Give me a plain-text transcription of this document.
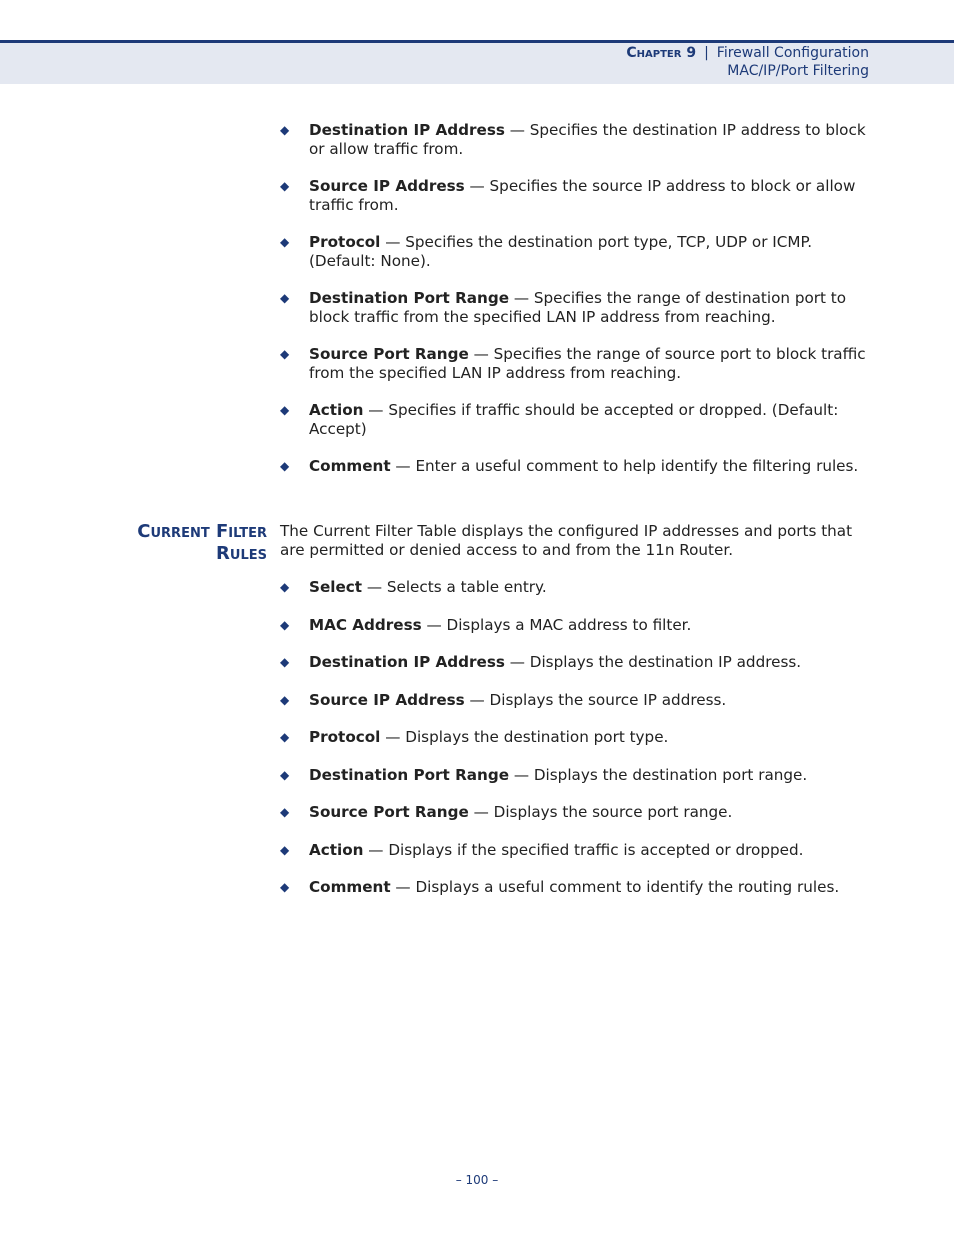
Chapter 9 | Firewall Configuration
MAC/IP/Port Filtering
◆ Destination IP Address — Specifies the destination IP address to block or allow traffic from.
◆ Source IP Address — Specifies the source IP address to block or allow traffic from.
◆ Protocol — Specifies the destination port type, TCP, UDP or ICMP. (Default: None).
◆ Destination Port Range — Specifies the range of destination port to block traffic from the specified LAN IP address from reaching.
◆ Source Port Range — Specifies the range of source port to block traffic from the specified LAN IP address from reaching.
◆ Action — Specifies if traffic should be accepted or dropped. (Default: Accept)
◆ Comment — Enter a useful comment to help identify the filtering rules.
Current Filter
Rules
The Current Filter Table displays the configured IP addresses and ports that are permitted or denied access to and from the 11n Router.
◆ Select — Selects a table entry.
◆ MAC Address — Displays a MAC address to filter.
◆ Destination IP Address — Displays the destination IP address.
◆ Source IP Address — Displays the source IP address.
◆ Protocol — Displays the destination port type.
◆ Destination Port Range — Displays the destination port range.
◆ Source Port Range — Displays the source port range.
◆ Action — Displays if the specified traffic is accepted or dropped.
◆ Comment — Displays a useful comment to identify the routing rules.
– 100 –
